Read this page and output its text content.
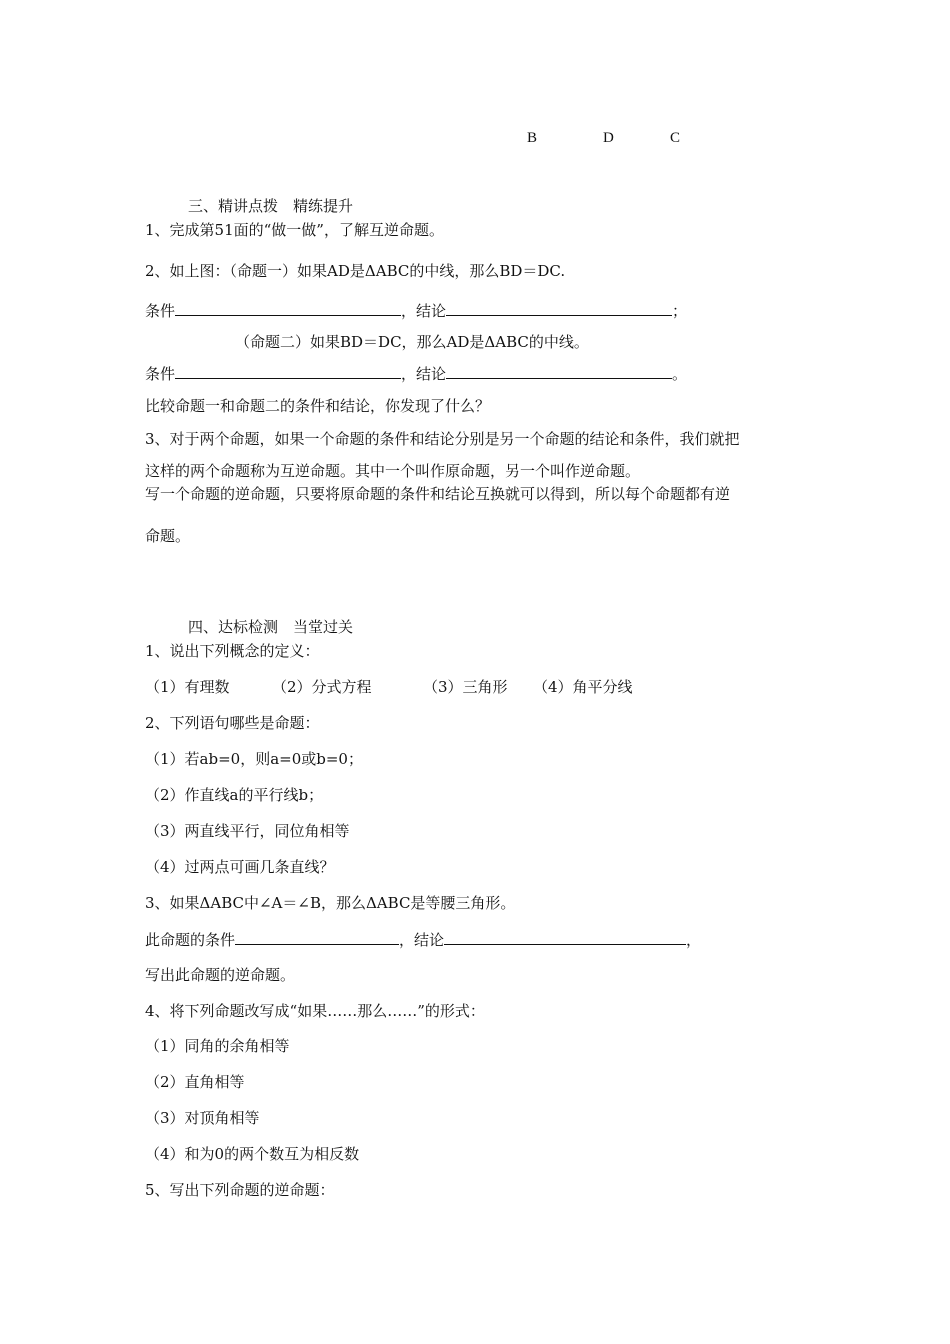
B	D	C
三、精讲点拨　精练提升
1、完成第51面的“做一做”，了解互逆命题。
2、如上图：（命题一）如果AD是ΔABC的中线，那么BD＝DC.
条件	，结论	；
（命题二）如果BD＝DC，那么AD是ΔABC的中线。
条件	，结论	。
比较命题一和命题二的条件和结论，你发现了什么？
3、对于两个命题，如果一个命题的条件和结论分别是另一个命题的结论和条件，我们就把
这样的两个命题称为互逆命题。其中一个叫作原命题，另一个叫作逆命题。
写一个命题的逆命题，只要将原命题的条件和结论互换就可以得到，所以每个命题都有逆
命题。
四、达标检测　当堂过关
1、说出下列概念的定义：
（1）有理数	（2）分式方程	（3）三角形 （4）角平分线
2、下列语句哪些是命题：
（1）若ab=0，则a=0或b=0；
（2）作直线a的平行线b；
（3）两直线平行，同位角相等
（4）过两点可画几条直线？
3、如果ΔABC中∠A＝∠B，那么ΔABC是等腰三角形。
此命题的条件	，结论	，
写出此命题的逆命题。
4、将下列命题改写成“如果……那么……”的形式：
（1）同角的余角相等
（2）直角相等
（3）对顶角相等
（4）和为0的两个数互为相反数
5、写出下列命题的逆命题：
